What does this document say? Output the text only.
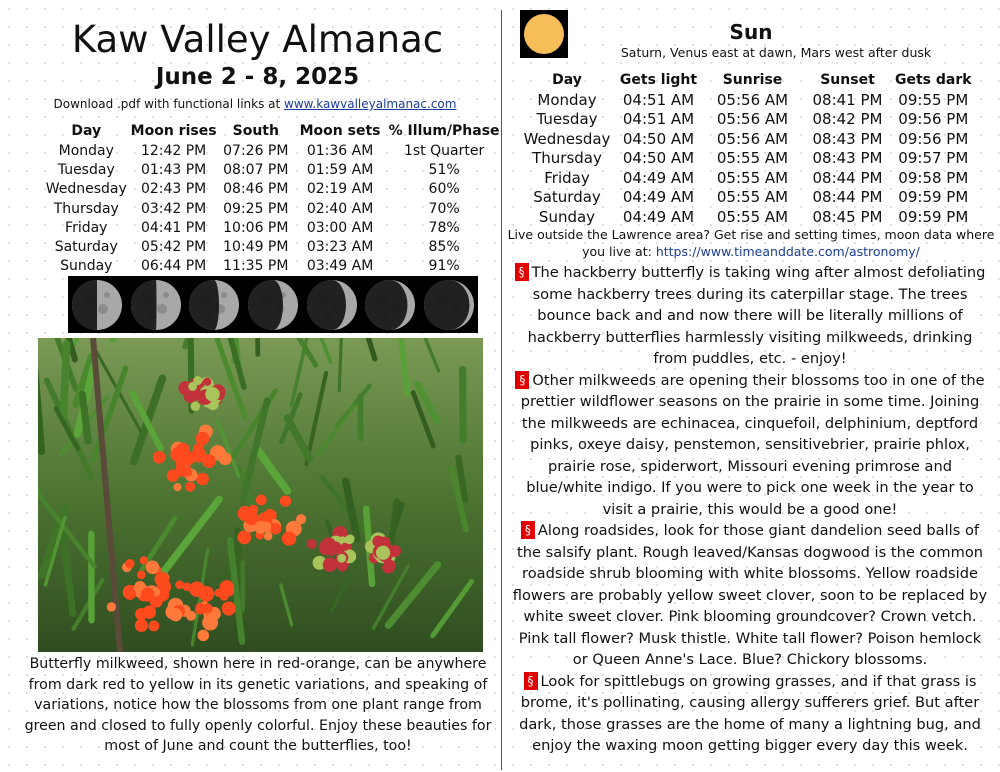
Kaw Valley Almanac
June 2 - 8, 2025
Download .pdf with functional links at www.kawvalleyalmanac.com
Day	Moon rises	South	Moon sets	% Illum/Phase
Monday	12:42 PM	07:26 PM	01:36 AM	1st Quarter
Tuesday	01:43 PM	08:07 PM	01:59 AM	51%
Wednesday	02:43 PM	08:46 PM	02:19 AM	60%
Thursday	03:42 PM	09:25 PM	02:40 AM	70%
Friday	04:41 PM	10:06 PM	03:00 AM	78%
Saturday	05:42 PM	10:49 PM	03:23 AM	85%
Sunday	06:44 PM	11:35 PM	03:49 AM	91%

Butterfly milkweed, shown here in red-orange, can be anywhere from dark red to yellow in its genetic variations, and speaking of variations, notice how the blossoms from one plant range from green and closed to fully openly colorful. Enjoy these beauties for most of June and count the butterflies, too!

Sun
Saturn, Venus east at dawn, Mars west after dusk
Day	Gets light	Sunrise	Sunset	Gets dark
Monday	04:51 AM	05:56 AM	08:41 PM	09:55 PM
Tuesday	04:51 AM	05:56 AM	08:42 PM	09:56 PM
Wednesday	04:50 AM	05:56 AM	08:43 PM	09:56 PM
Thursday	04:50 AM	05:55 AM	08:43 PM	09:57 PM
Friday	04:49 AM	05:55 AM	08:44 PM	09:58 PM
Saturday	04:49 AM	05:55 AM	08:44 PM	09:59 PM
Sunday	04:49 AM	05:55 AM	08:45 PM	09:59 PM
Live outside the Lawrence area? Get rise and setting times, moon data where you live at: https://www.timeanddate.com/astronomy/

§ The hackberry butterfly is taking wing after almost defoliating some hackberry trees during its caterpillar stage. The trees bounce back and and now there will be literally millions of hackberry butterflies harmlessly visiting milkweeds, drinking from puddles, etc. - enjoy!

§ Other milkweeds are opening their blossoms too in one of the prettier wildflower seasons on the prairie in some time. Joining the milkweeds are echinacea, cinquefoil, delphinium, deptford pinks, oxeye daisy, penstemon, sensitivebrier, prairie phlox, prairie rose, spiderwort, Missouri evening primrose and blue/white indigo. If you were to pick one week in the year to visit a prairie, this would be a good one!

§ Along roadsides, look for those giant dandelion seed balls of the salsify plant. Rough leaved/Kansas dogwood is the common roadside shrub blooming with white blossoms. Yellow roadside flowers are probably yellow sweet clover, soon to be replaced by white sweet clover. Pink blooming groundcover? Crown vetch. Pink tall flower? Musk thistle. White tall flower? Poison hemlock or Queen Anne's Lace. Blue? Chickory blossoms.

§ Look for spittlebugs on growing grasses, and if that grass is brome, it's pollinating, causing allergy sufferers grief. But after dark, those grasses are the home of many a lightning bug, and enjoy the waxing moon getting bigger every day this week.
